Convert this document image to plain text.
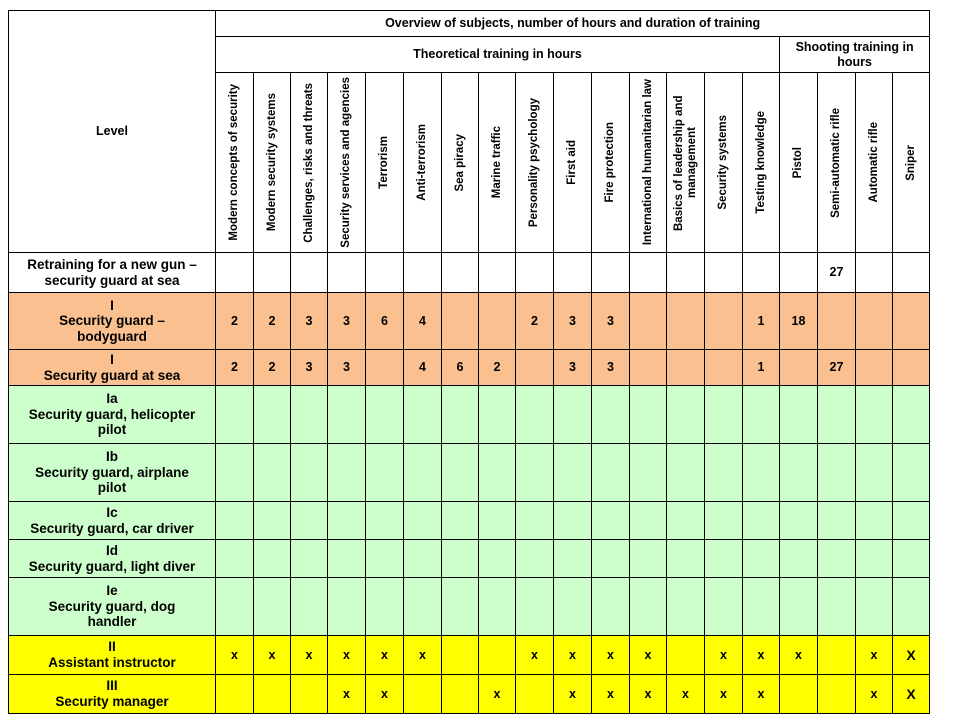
Level	Overview of subjects, number of hours and duration of training																		
	Theoretical training in hours															Shooting training in hours			

	Modern concepts of security	Modern security systems	Challenges, risks and threats	Security services and agencies	Terrorism	Anti-terrorism	Sea piracy	Marine traffic	Personality psychology	First aid	Fire protection	International humanitarian law	Basics of leadership and management	Security systems	Testing knowledge	Pistol	Semi-automatic rifle	Automatic rifle	Sniper

Retraining for a new gun –
security guard at sea																	27		
I
Security guard –
bodyguard	2	2	3	3	6	4			2	3	3				1	18			
I
Security guard at sea	2	2	3	3		4	6	2		3	3				1		27		
Ia
Security guard, helicopter
pilot																			
Ib
Security guard, airplane
pilot																			
Ic
Security guard, car driver																			
Id
Security guard, light diver																			
Ie
Security guard, dog
handler																			
II
Assistant instructor	x	x	x	x	x	x			x	x	x	x		x	x	x		x	X
III
Security manager				x	x			x		x	x	x	x	x	x			x	X
